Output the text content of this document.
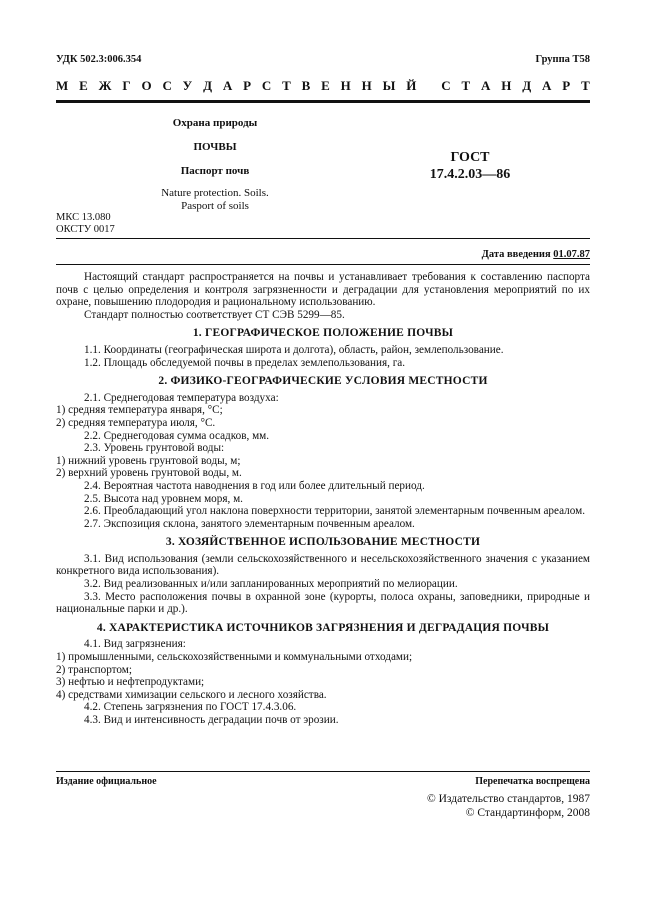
УДК 502.3:006.354	Группа Т58
М Е Ж Г О С У Д А Р С Т В Е Н Н Ы Й
С Т А Н Д А Р Т
Охрана природы
ПОЧВЫ
Паспорт почв
Nature protection. Soils.
Pasport of soils
ГОСТ
17.4.2.03—86
МКС 13.080
ОКСТУ 0017
Дата введения 01.07.87

Настоящий стандарт распространяется на почвы и устанавливает требования к составлению паспорта почв с целью определения и контроля загрязненности и деградации для установления мероприятий по их охране, повышению плодородия и рациональному использованию.

Стандарт полностью соответствует СТ СЭВ 5299—85.

1. ГЕОГРАФИЧЕСКОЕ ПОЛОЖЕНИЕ ПОЧВЫ

1.1. Координаты (географическая широта и долгота), область, район, землепользование.

1.2. Площадь обследуемой почвы в пределах землепользования, га.

2. ФИЗИКО-ГЕОГРАФИЧЕСКИЕ УСЛОВИЯ МЕСТНОСТИ

2.1. Среднегодовая температура воздуха:

1) средняя температура января, °С;

2) средняя температура июля, °С.

2.2. Среднегодовая сумма осадков, мм.

2.3. Уровень грунтовой воды:

1) нижний уровень грунтовой воды, м;

2) верхний уровень грунтовой воды, м.

2.4. Вероятная частота наводнения в год или более длительный период.

2.5. Высота над уровнем моря, м.

2.6. Преобладающий угол наклона поверхности территории, занятой элементарным почвенным ареалом.

2.7. Экспозиция склона, занятого элементарным почвенным ареалом.

3. ХОЗЯЙСТВЕННОЕ ИСПОЛЬЗОВАНИЕ МЕСТНОСТИ

3.1. Вид использования (земли сельскохозяйственного и несельскохозяйственного значения с указанием конкретного вида использования).

3.2. Вид реализованных и/или запланированных мероприятий по мелиорации.

3.3. Место расположения почвы в охранной зоне (курорты, полоса охраны, заповедники, природные и национальные парки и др.).

4. ХАРАКТЕРИСТИКА ИСТОЧНИКОВ ЗАГРЯЗНЕНИЯ И ДЕГРАДАЦИЯ ПОЧВЫ

4.1. Вид загрязнения:

1) промышленными, сельскохозяйственными и коммунальными отходами;

2) транспортом;

3) нефтью и нефтепродуктами;

4) средствами химизации сельского и лесного хозяйства.

4.2. Степень загрязнения по ГОСТ 17.4.3.06.

4.3. Вид и интенсивность деградации почв от эрозии.

Издание официальное	Перепечатка воспрещена
© Издательство стандартов, 1987
© Стандартинформ, 2008
